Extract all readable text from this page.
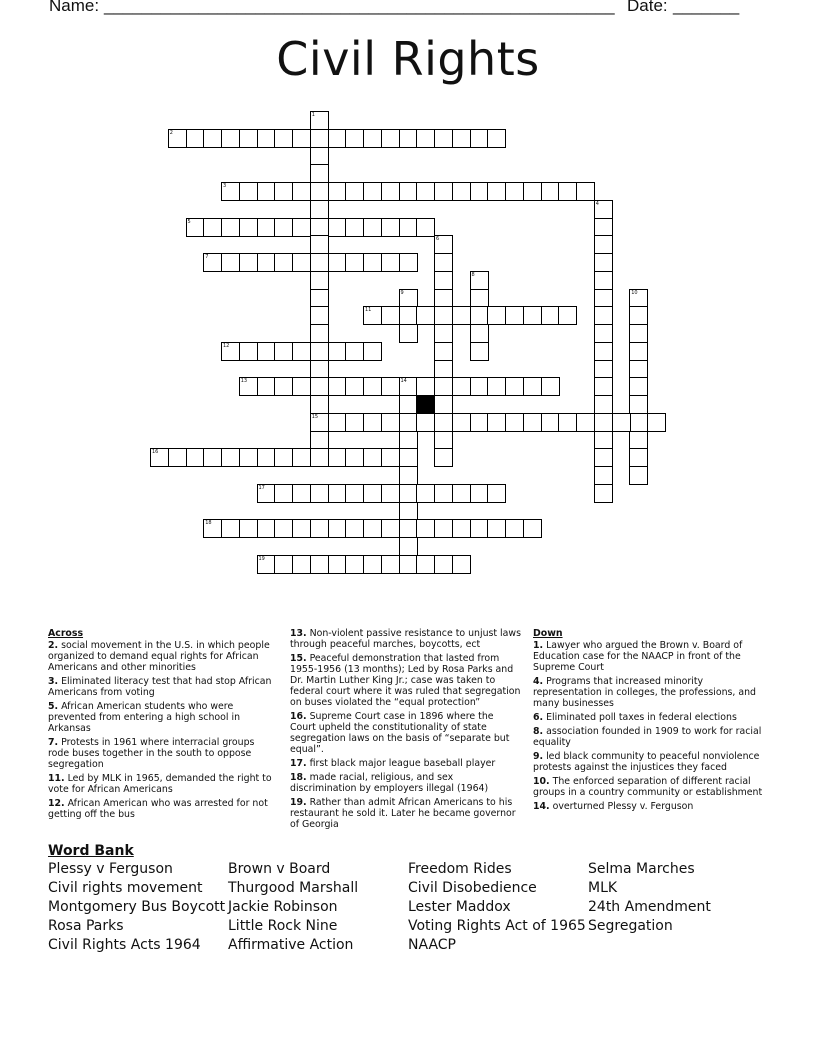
Name: ______________________________________________________ Date: _______
Civil Rights
1
15
2
3
4
5
6
7
8
9	10
11
12
13	14
16
17
18
19
Across
2. social movement in the U.S. in which people organized to demand equal rights for African Americans and other minorities
3. Eliminated literacy test that had stop African Americans from voting
5. African American students who were prevented from entering a high school in Arkansas
7. Protests in 1961 where interracial groups rode buses together in the south to oppose segregation
11. Led by MLK in 1965, demanded the right to vote for African Americans
12. African American who was arrested for not getting off the bus
13. Non-violent passive resistance to unjust laws through peaceful marches, boycotts, ect
15. Peaceful demonstration that lasted from 1955-1956 (13 months); Led by Rosa Parks and Dr. Martin Luther King Jr.; case was taken to federal court where it was ruled that segregation on buses violated the “equal protection”
16. Supreme Court case in 1896 where the Court upheld the constitutionality of state segregation laws on the basis of “separate but equal”.
17. first black major league baseball player
18. made racial, religious, and sex discrimination by employers illegal (1964)
19. Rather than admit African Americans to his restaurant he sold it. Later he became governor of Georgia
Down
1. Lawyer who argued the Brown v. Board of Education case for the NAACP in front of the Supreme Court
4. Programs that increased minority representation in colleges, the professions, and many businesses
6. Eliminated poll taxes in federal elections
8. association founded in 1909 to work for racial equality
9. led black community to peaceful nonviolence protests against the injustices they faced
10. The enforced separation of different racial groups in a country community or establishment
14. overturned Plessy v. Ferguson
Word Bank
Plessy v Ferguson
Civil rights movement
Montgomery Bus Boycott
Rosa Parks
Civil Rights Acts 1964
Brown v Board
Thurgood Marshall
Jackie Robinson
Little Rock Nine
Affirmative Action
Freedom Rides
Civil Disobedience
Lester Maddox
Voting Rights Act of 1965
NAACP
Selma Marches
MLK
24th Amendment
Segregation
